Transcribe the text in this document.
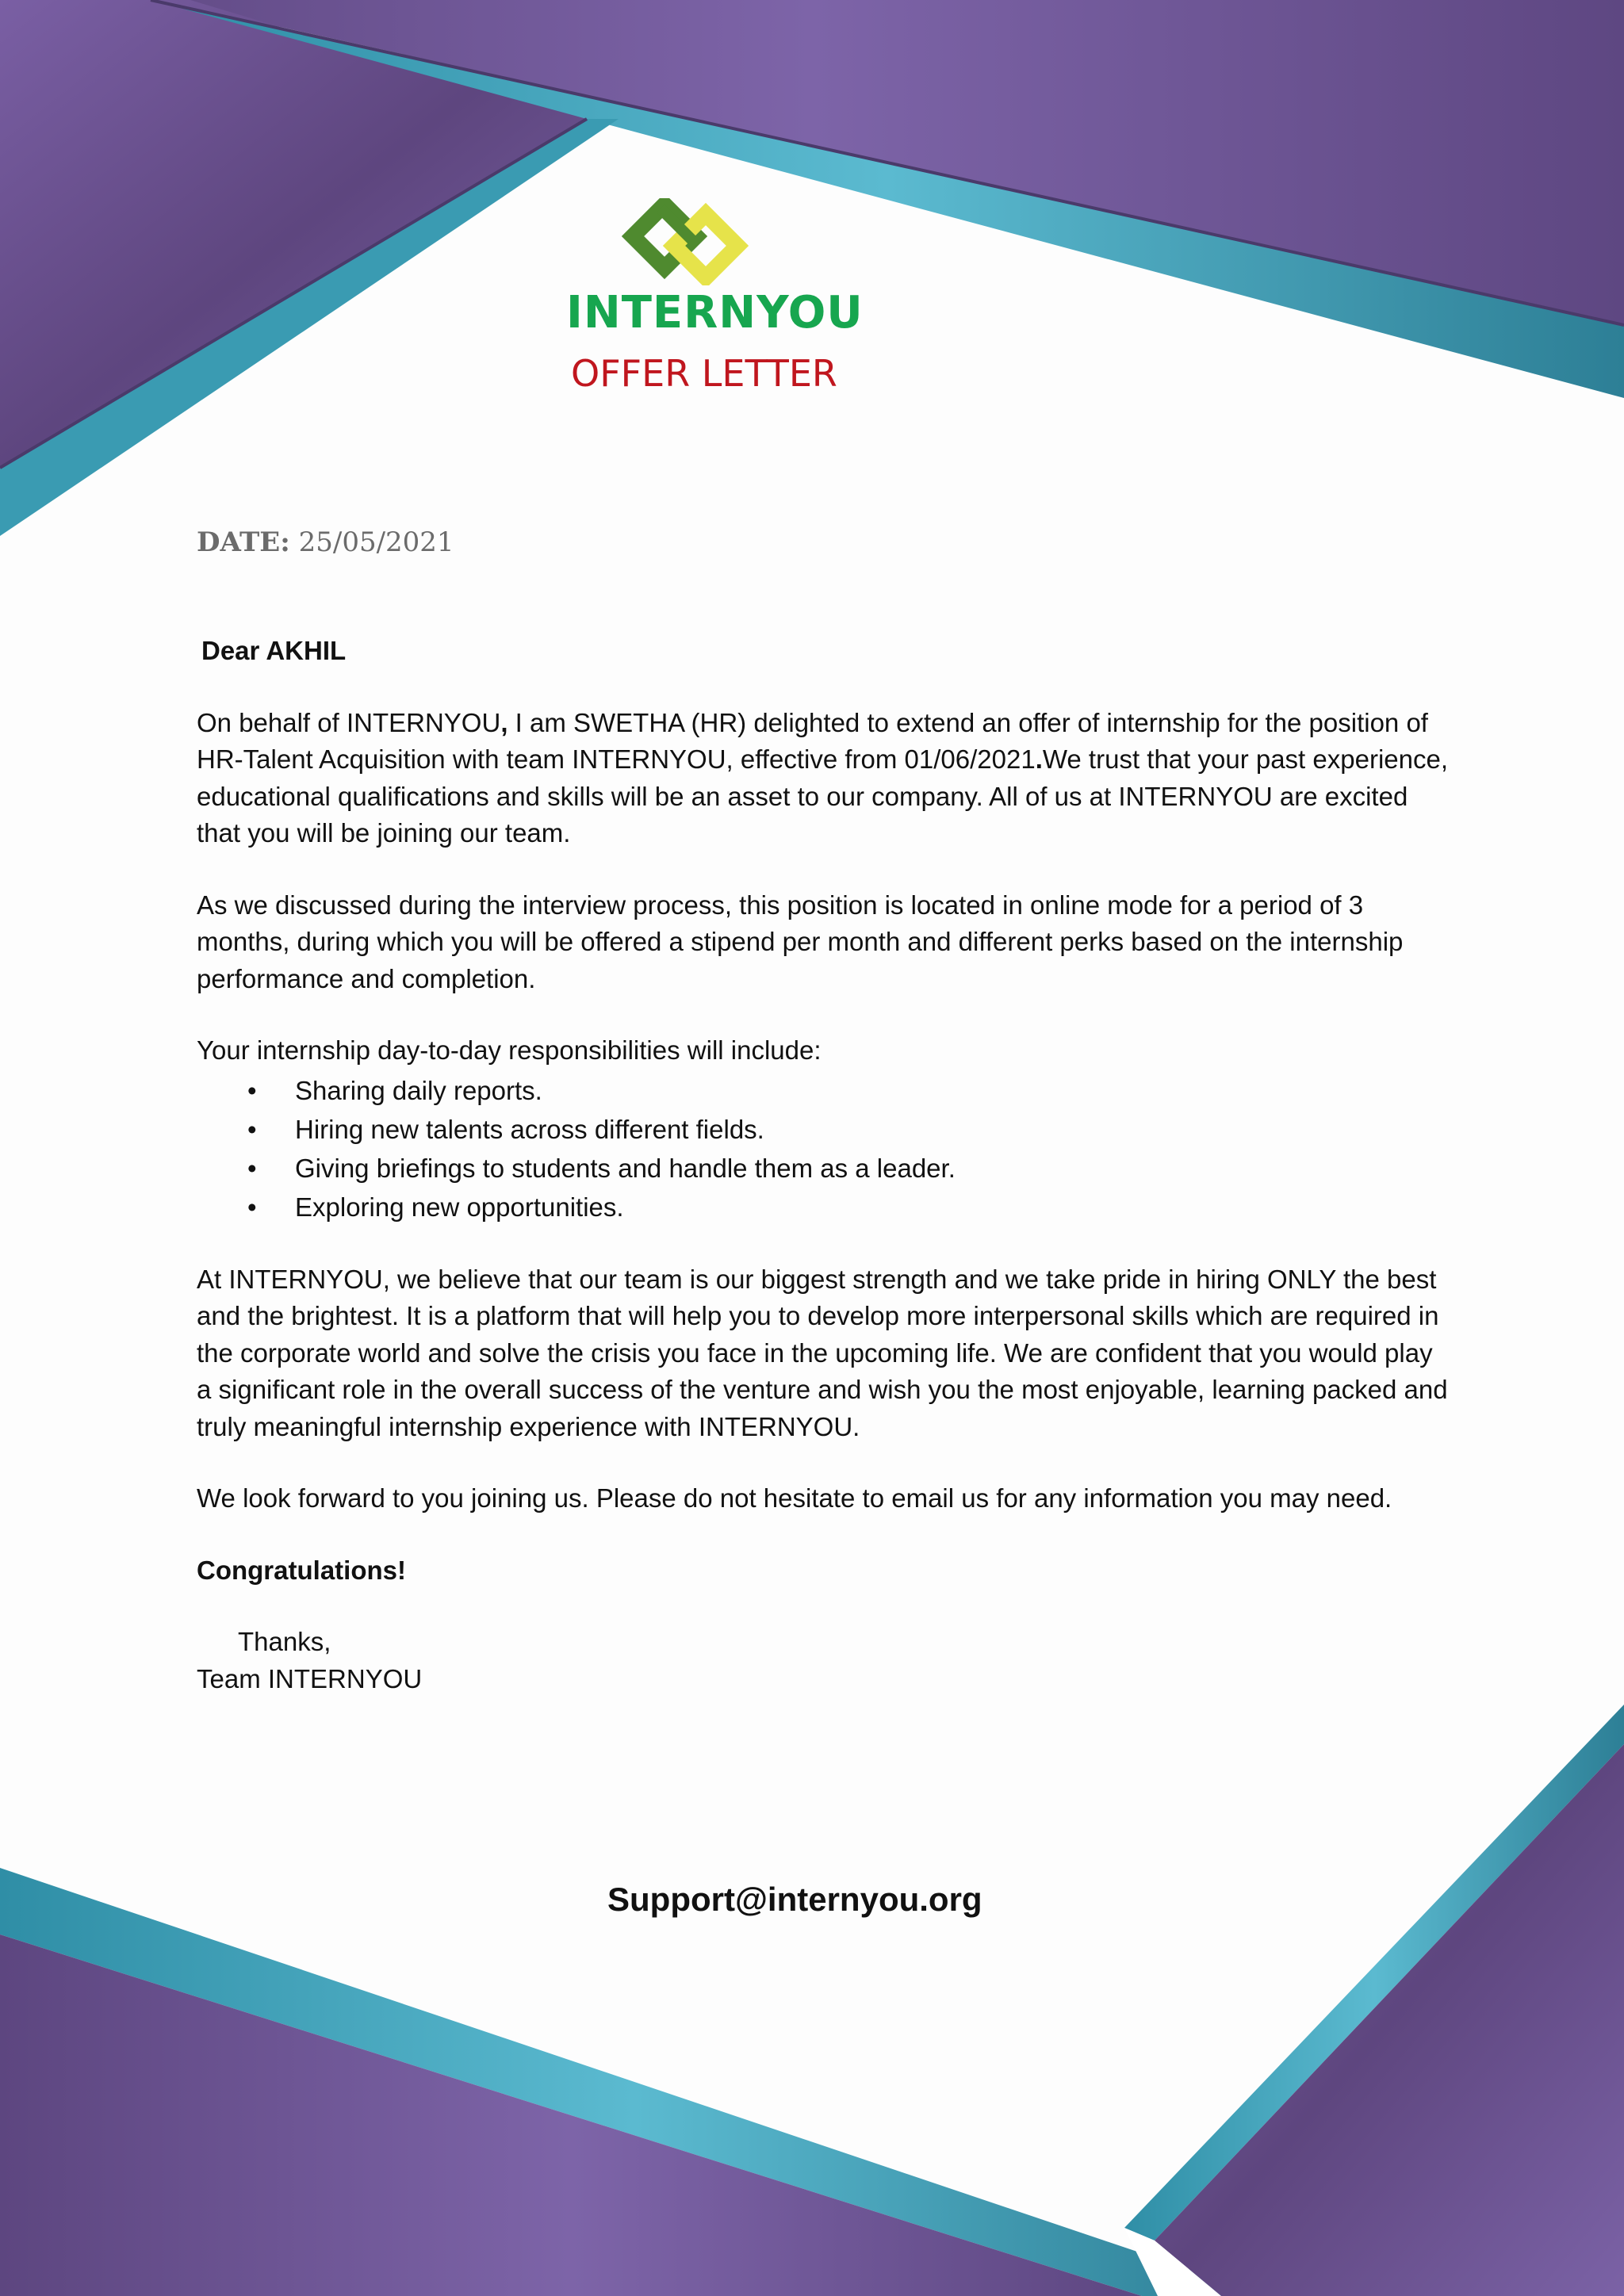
INTERNYOU
OFFER LETTER
DATE: 25/05/2021

Dear AKHIL

On behalf of INTERNYOU, I am SWETHA (HR) delighted to extend an offer of internship for the position of HR-Talent Acquisition with team INTERNYOU, effective from 01/06/2021.We trust that your past experience, educational qualifications and skills will be an asset to our company. All of us at INTERNYOU are excited that you will be joining our team.

As we discussed during the interview process, this position is located in online mode for a period of 3 months, during which you will be offered a stipend per month and different perks based on the internship performance and completion.

Your internship day-to-day responsibilities will include:

• Sharing daily reports.
• Hiring new talents across different fields.
• Giving briefings to students and handle them as a leader.
• Exploring new opportunities.

At INTERNYOU, we believe that our team is our biggest strength and we take pride in hiring ONLY the best and the brightest. It is a platform that will help you to develop more interpersonal skills which are required in the corporate world and solve the crisis you face in the upcoming life. We are confident that you would play a significant role in the overall success of the venture and wish you the most enjoyable, learning packed and truly meaningful internship experience with INTERNYOU.

We look forward to you joining us. Please do not hesitate to email us for any information you may need.

Congratulations!

Thanks,
Team INTERNYOU

Support@internyou.org
